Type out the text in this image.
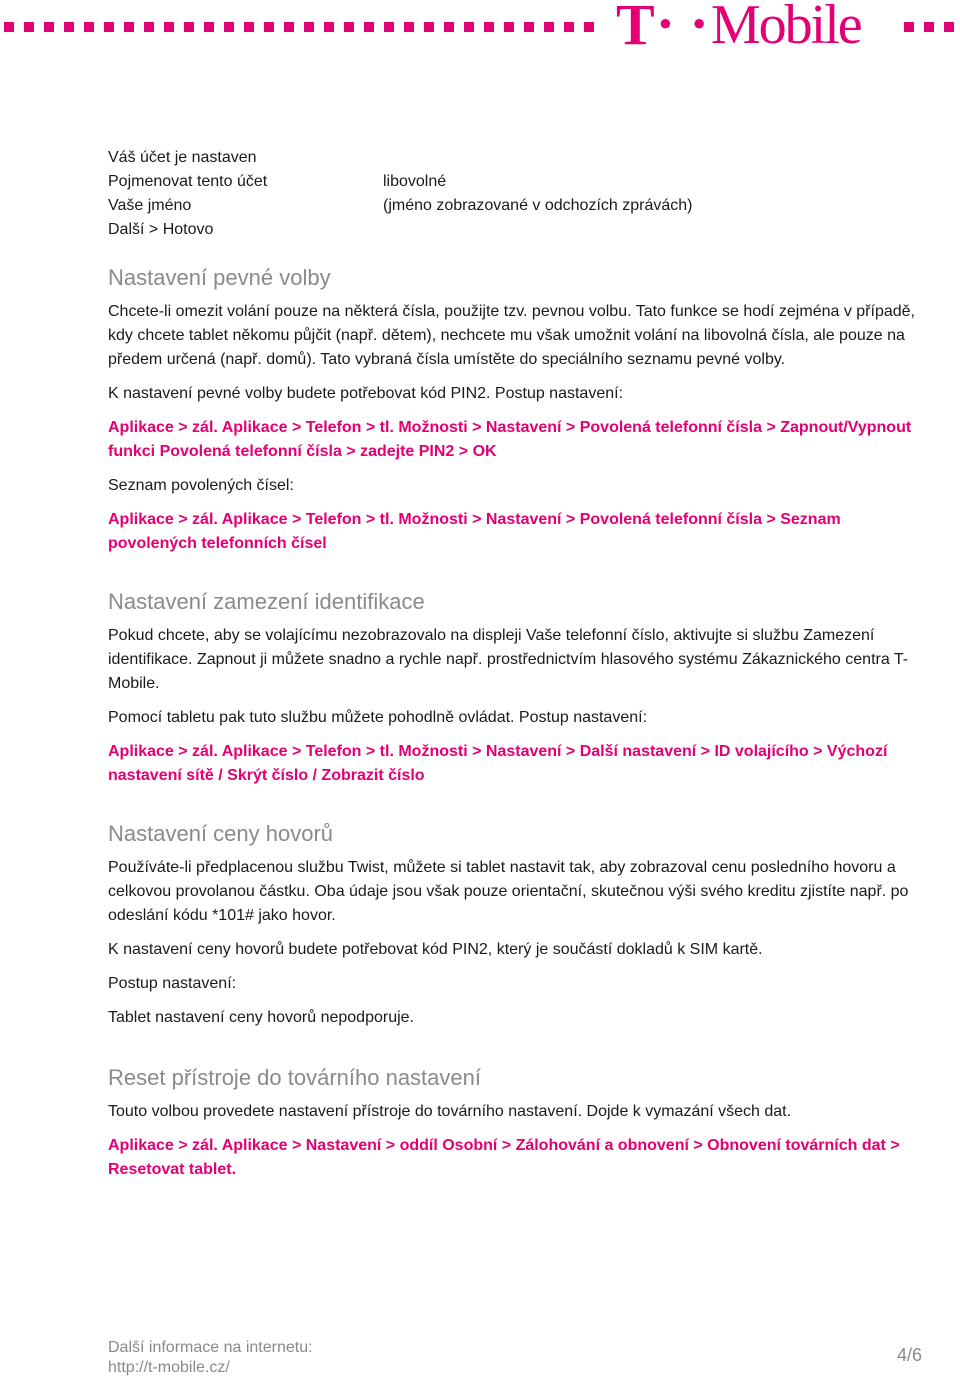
T · · Mobile

Váš účet je nastaven

Pojmenovat tento účet	libovolné
Vaše jméno	(jméno zobrazované v odchozích zprávách)

Další > Hotovo

Nastavení pevné volby

Chcete-li omezit volání pouze na některá čísla, použijte tzv. pevnou volbu. Tato funkce se hodí zejména v případě, kdy chcete tablet někomu půjčit (např. dětem), nechcete mu však umožnit volání na libovolná čísla, ale pouze na předem určená (např. domů). Tato vybraná čísla umístěte do speciálního seznamu pevné volby.

K nastavení pevné volby budete potřebovat kód PIN2. Postup nastavení:

Aplikace > zál. Aplikace > Telefon > tl. Možnosti > Nastavení > Povolená telefonní čísla > Zapnout/Vypnout funkci Povolená telefonní čísla > zadejte PIN2 > OK

Seznam povolených čísel:

Aplikace > zál. Aplikace > Telefon > tl. Možnosti > Nastavení > Povolená telefonní čísla > Seznam povolených telefonních čísel

Nastavení zamezení identifikace

Pokud chcete, aby se volajícímu nezobrazovalo na displeji Vaše telefonní číslo, aktivujte si službu Zamezení identifikace. Zapnout ji můžete snadno a rychle např. prostřednictvím hlasového systému Zákaznického centra T-Mobile.

Pomocí tabletu pak tuto službu můžete pohodlně ovládat. Postup nastavení:

Aplikace > zál. Aplikace > Telefon > tl. Možnosti > Nastavení > Další nastavení > ID volajícího > Výchozí nastavení sítě / Skrýt číslo / Zobrazit číslo

Nastavení ceny hovorů

Používáte-li předplacenou službu Twist, můžete si tablet nastavit tak, aby zobrazoval cenu posledního hovoru a celkovou provolanou částku. Oba údaje jsou však pouze orientační, skutečnou výši svého kreditu zjistíte např. po odeslání kódu *101# jako hovor.

K nastavení ceny hovorů budete potřebovat kód PIN2, který je součástí dokladů k SIM kartě.

Postup nastavení:

Tablet nastavení ceny hovorů nepodporuje.

Reset přístroje do továrního nastavení

Touto volbou provedete nastavení přístroje do továrního nastavení. Dojde k vymazání všech dat.

Aplikace > zál. Aplikace > Nastavení > oddíl Osobní > Zálohování a obnovení > Obnovení továrních dat > Resetovat tablet.

Další informace na internetu:
http://t-mobile.cz/
4/6
